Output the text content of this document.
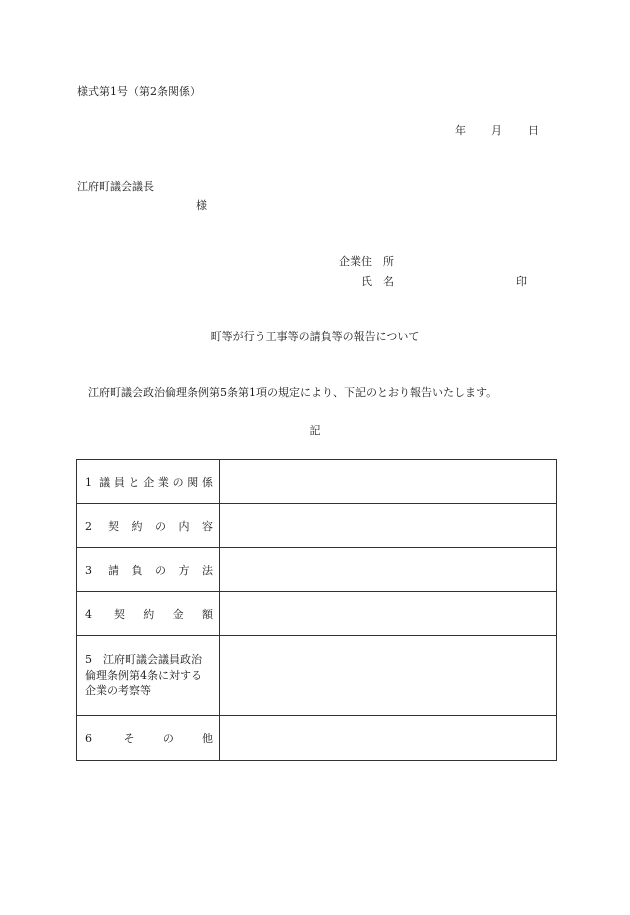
様式第1号（第2条関係）
年 月 日
江府町議会議長
様
企業住　所
氏　名	印
町等が行う工事等の請負等の報告について
江府町議会政治倫理条例第5条第1項の規定により、下記のとおり報告いたします。
記
1 議員と企業の関係	

2 契約の内容	

3 請負の方法	

4 契約金額	

5　江府町議会議員政治
倫理条例第4条に対する
企業の考察等	

6 その他	
